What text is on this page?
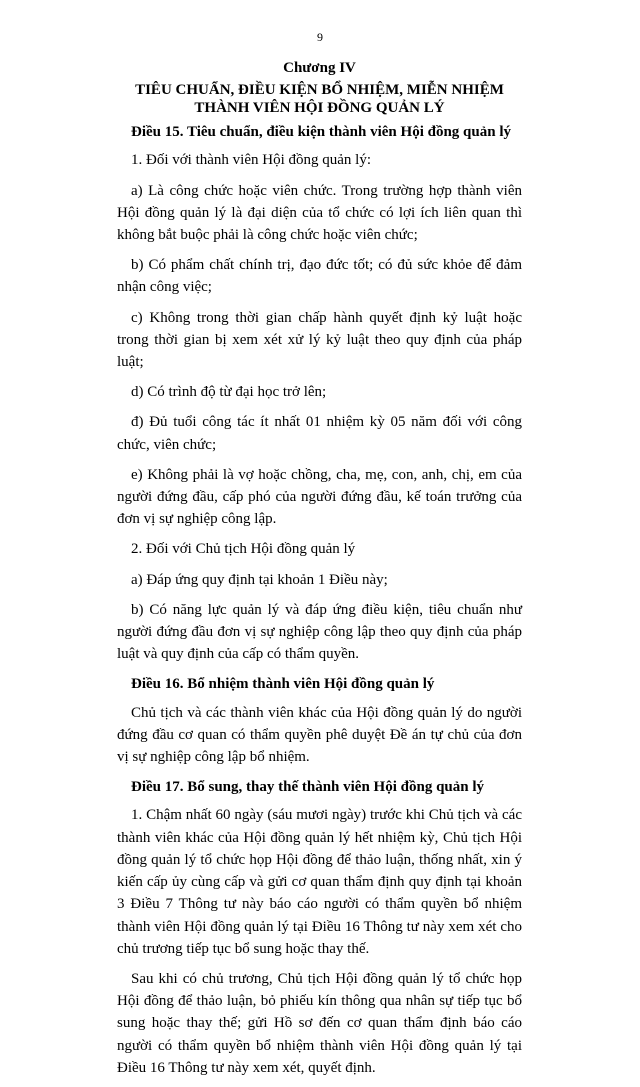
9

Chương IV

TIÊU CHUẨN, ĐIỀU KIỆN BỔ NHIỆM, MIỄN NHIỆM
THÀNH VIÊN HỘI ĐỒNG QUẢN LÝ

Điều 15. Tiêu chuẩn, điều kiện thành viên Hội đồng quản lý

1. Đối với thành viên Hội đồng quản lý:

a) Là công chức hoặc viên chức. Trong trường hợp thành viên Hội đồng quản lý là đại diện của tổ chức có lợi ích liên quan thì không bắt buộc phải là công chức hoặc viên chức;

b) Có phẩm chất chính trị, đạo đức tốt; có đủ sức khỏe để đảm nhận công việc;

c) Không trong thời gian chấp hành quyết định kỷ luật hoặc trong thời gian bị xem xét xử lý kỷ luật theo quy định của pháp luật;

d) Có trình độ từ đại học trở lên;

đ) Đủ tuổi công tác ít nhất 01 nhiệm kỳ 05 năm đối với công chức, viên chức;

e) Không phải là vợ hoặc chồng, cha, mẹ, con, anh, chị, em của người đứng đầu, cấp phó của người đứng đầu, kế toán trưởng của đơn vị sự nghiệp công lập.

2. Đối với Chủ tịch Hội đồng quản lý

a) Đáp ứng quy định tại khoản 1 Điều này;

b) Có năng lực quản lý và đáp ứng điều kiện, tiêu chuẩn như người đứng đầu đơn vị sự nghiệp công lập theo quy định của pháp luật và quy định của cấp có thẩm quyền.

Điều 16. Bổ nhiệm thành viên Hội đồng quản lý

Chủ tịch và các thành viên khác của Hội đồng quản lý do người đứng đầu cơ quan có thẩm quyền phê duyệt Đề án tự chủ của đơn vị sự nghiệp công lập bổ nhiệm.

Điều 17. Bổ sung, thay thế thành viên Hội đồng quản lý

1. Chậm nhất 60 ngày (sáu mươi ngày) trước khi Chủ tịch và các thành viên khác của Hội đồng quản lý hết nhiệm kỳ, Chủ tịch Hội đồng quản lý tổ chức họp Hội đồng để thảo luận, thống nhất, xin ý kiến cấp ủy cùng cấp và gửi cơ quan thẩm định quy định tại khoản 3 Điều 7 Thông tư này báo cáo người có thẩm quyền bổ nhiệm thành viên Hội đồng quản lý tại Điều 16 Thông tư này xem xét cho chủ trương tiếp tục bổ sung hoặc thay thế.

Sau khi có chủ trương, Chủ tịch Hội đồng quản lý tổ chức họp Hội đồng để thảo luận, bỏ phiếu kín thông qua nhân sự tiếp tục bổ sung hoặc thay thế; gửi Hồ sơ đến cơ quan thẩm định báo cáo người có thẩm quyền bổ nhiệm thành viên Hội đồng quản lý tại Điều 16 Thông tư này xem xét, quyết định.
